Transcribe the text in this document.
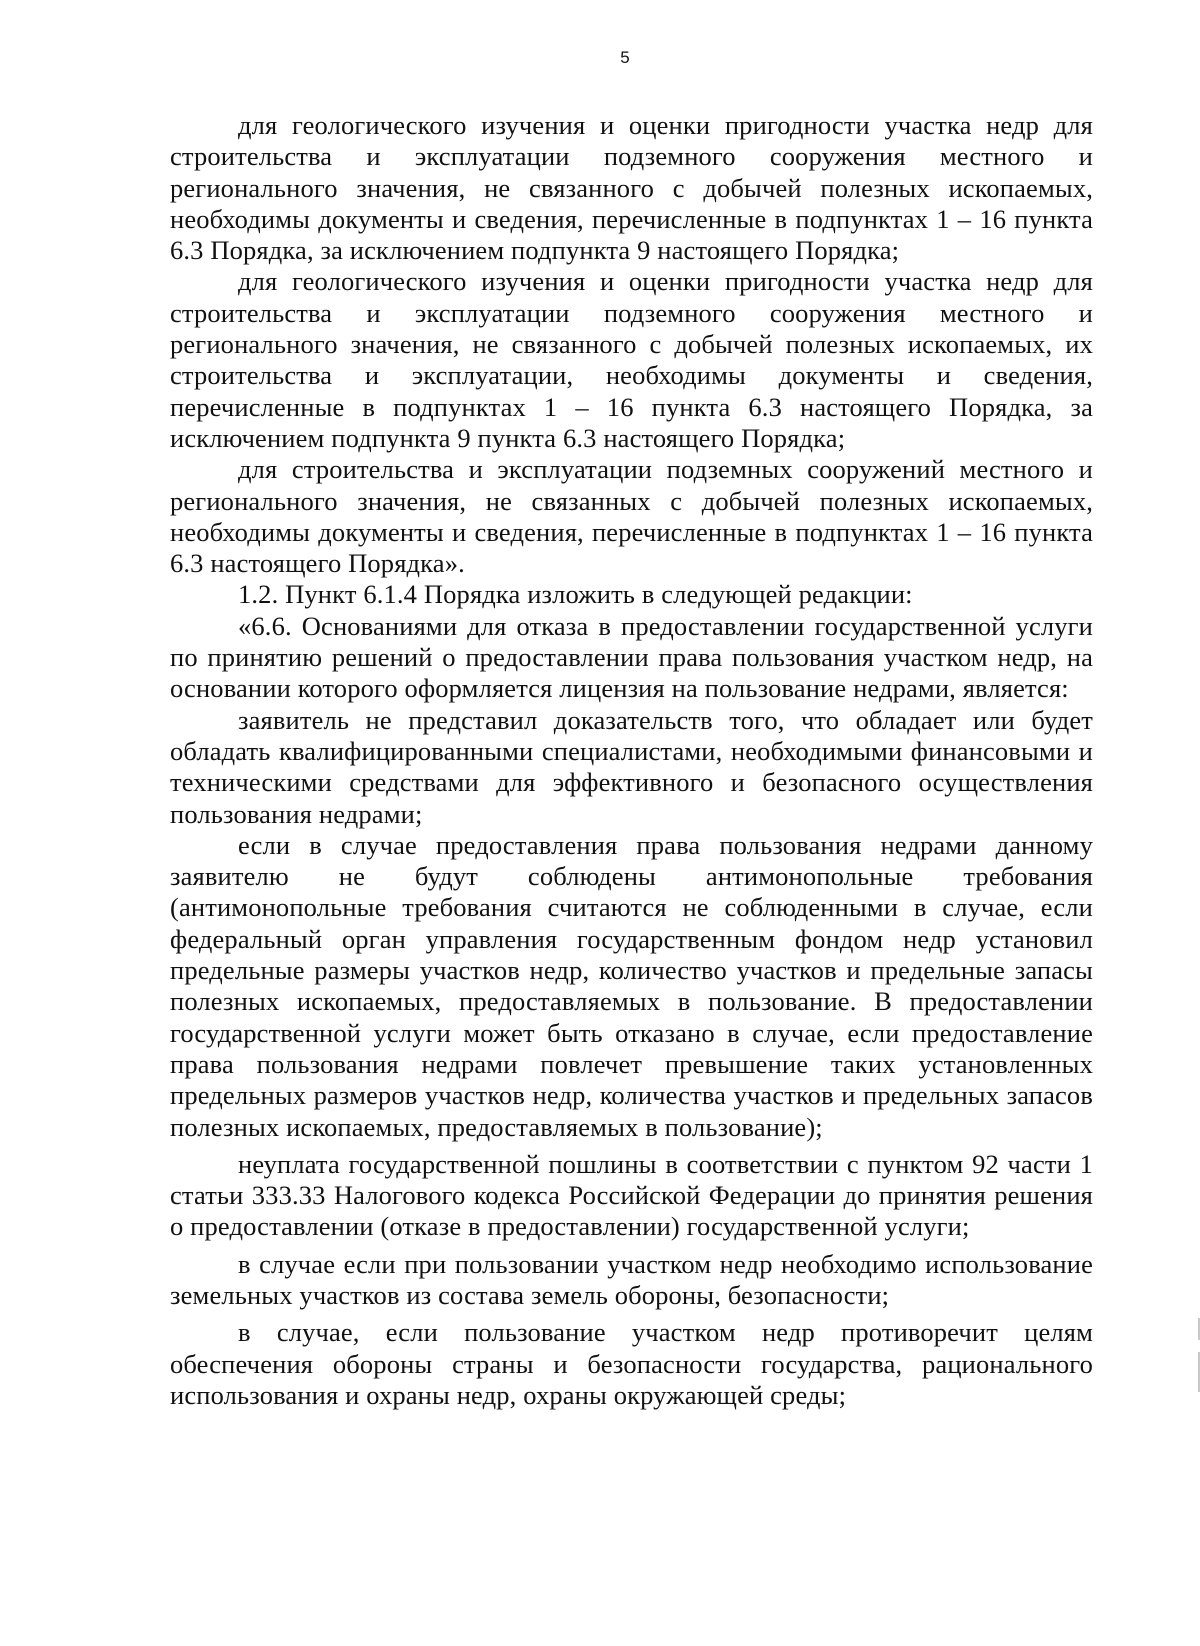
5

для геологического изучения и оценки пригодности участка недр для строительства и эксплуатации подземного сооружения местного и регионального значения, не связанного с добычей полезных ископаемых, необходимы документы и сведения, перечисленные в подпунктах 1 – 16 пункта 6.3 Порядка, за исключением подпункта 9 настоящего Порядка;

для геологического изучения и оценки пригодности участка недр для строительства и эксплуатации подземного сооружения местного и регионального значения, не связанного с добычей полезных ископаемых, их строительства и эксплуатации, необходимы документы и сведения, перечисленные в подпунктах 1 – 16 пункта 6.3 настоящего Порядка, за исключением подпункта 9 пункта 6.3 настоящего Порядка;

для строительства и эксплуатации подземных сооружений местного и регионального значения, не связанных с добычей полезных ископаемых, необходимы документы и сведения, перечисленные в подпунктах 1 – 16 пункта 6.3 настоящего Порядка».

1.2. Пункт 6.1.4 Порядка изложить в следующей редакции:

«6.6. Основаниями для отказа в предоставлении государственной услуги по принятию решений о предоставлении права пользования участком недр, на основании которого оформляется лицензия на пользование недрами, является:

заявитель не представил доказательств того, что обладает или будет обладать квалифицированными специалистами, необходимыми финансовыми и техническими средствами для эффективного и безопасного осуществления пользования недрами;

если в случае предоставления права пользования недрами данному заявителю не будут соблюдены антимонопольные требования (антимонопольные требования считаются не соблюденными в случае, если федеральный орган управления государственным фондом недр установил предельные размеры участков недр, количество участков и предельные запасы полезных ископаемых, предоставляемых в пользование. В предоставлении государственной услуги может быть отказано в случае, если предоставление права пользования недрами повлечет превышение таких установленных предельных размеров участков недр, количества участков и предельных запасов полезных ископаемых, предоставляемых в пользование);

неуплата государственной пошлины в соответствии с пунктом 92 части 1 статьи 333.33 Налогового кодекса Российской Федерации до принятия решения о предоставлении (отказе в предоставлении) государственной услуги;

в случае если при пользовании участком недр необходимо использование земельных участков из состава земель обороны, безопасности;

в случае, если пользование участком недр противоречит целям обеспечения обороны страны и безопасности государства, рационального использования и охраны недр, охраны окружающей среды;
